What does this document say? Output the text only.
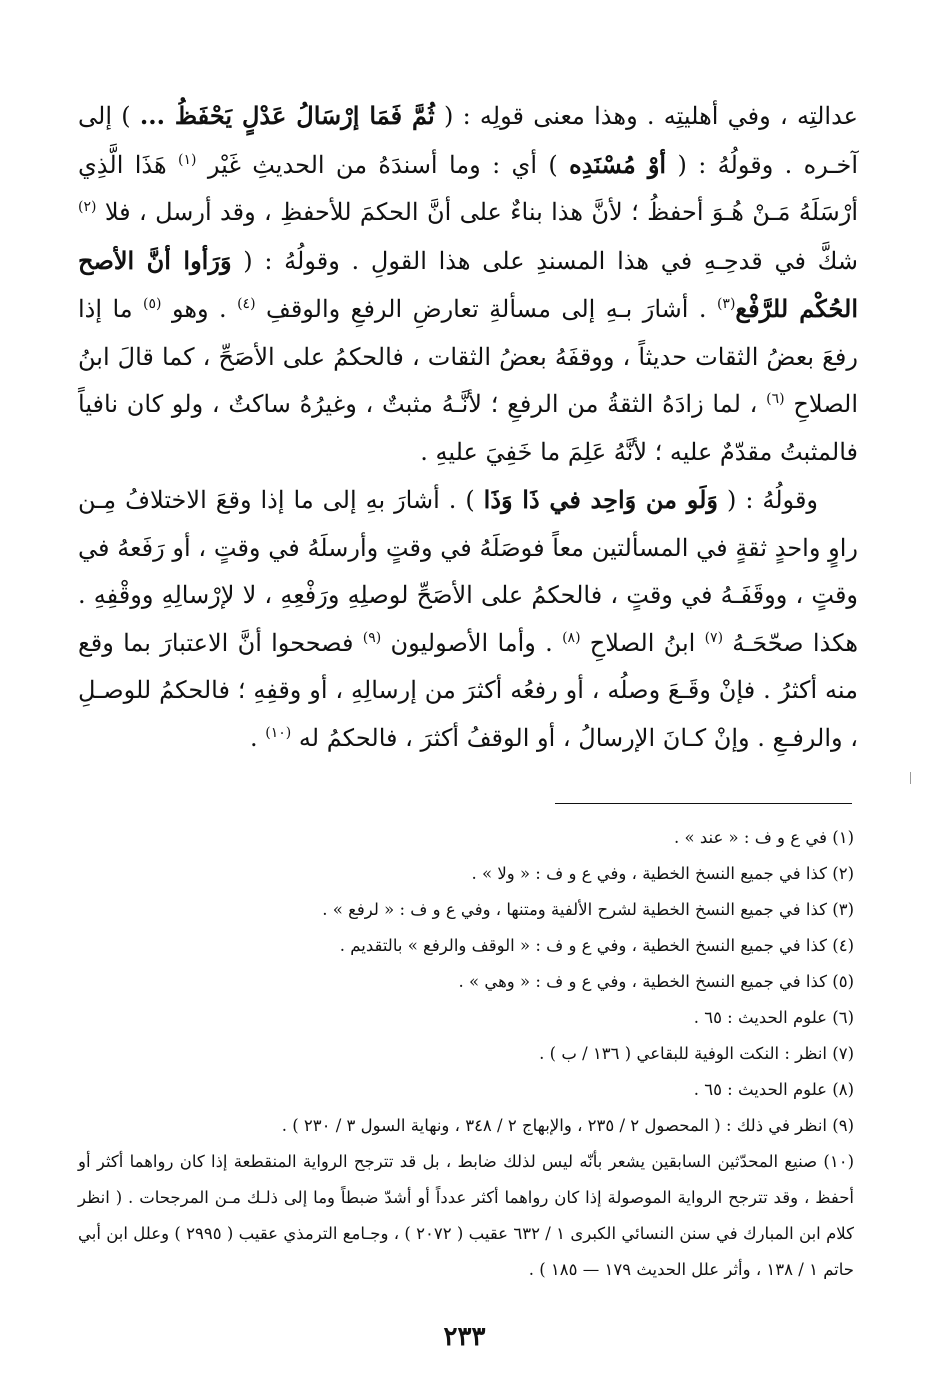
عدالتِه ، وفي أهليتِه . وهذا معنى قولِه : ( ثُمَّ فَمَا إرْسَالُ عَدْلٍ يَحْفَظُ ... ) إلى آخـره . وقولُهُ : ( أوْ مُسْنَدِه ) أي : وما أسندَهُ من الحديثِ غَيْر $^{(١)}$ هَذَا الَّذِي أرْسَلَهُ مَـنْ هُـوَ أحفظُ ؛ لأنَّ هذا بناءٌ على أنَّ الحكمَ للأحفظِ ، وقد أرسل ، فلا $^{(٢)}$ شكَّ في قدحِـهِ في هذا المسندِ على هذا القولِ . وقولُهُ : ( وَرَأوا أنَّ الأصح الحُكْم للرَّفْع$^{(٣)}$ . أشارَ بـهِ إلى مسألةِ تعارضِ الرفعِ والوقفِ $^{(٤)}$ . وهو $^{(٥)}$ ما إذا رفعَ بعضُ الثقات حديثاً ، ووقفَهُ بعضُ الثقات ، فالحكمُ على الأصَحِّ ، كما قالَ ابنُ الصلاحِ $^{(٦)}$ ، لما زادَهُ الثقةُ من الرفعِ ؛ لأنَّـهُ مثبتٌ ، وغيرُهُ ساكتٌ ، ولو كان نافياً فالمثبتُ مقدّمٌ عليه ؛ لأنَّهُ عَلِمَ ما خَفِيَ عليهِ .

وقولُهُ : ( وَلَو من وَاحِد في ذَا وَذَا ) . أشارَ بهِ إلى ما إذا وقعَ الاختلافُ مِـن راوٍ واحدٍ ثقةٍ في المسألتين معاً فوصَلَهُ في وقتٍ وأرسلَهُ في وقتٍ ، أو رَفَعهُ في وقتٍ ، ووقَفَـهُ في وقتٍ ، فالحكمُ على الأصَحِّ لوصلِهِ ورَفْعِهِ ، لا لإرْسالِهِ ووقْفِهِ . هكذا صحّحَـهُ $^{(٧)}$ ابنُ الصلاحِ $^{(٨)}$ . وأما الأصوليون $^{(٩)}$ فصححوا أنَّ الاعتبارَ بما وقع منه أكثرُ . فإنْ وقَـعَ وصلُه ، أو رفعُه أكثرَ من إرسالِهِ ، أو وقفِهِ ؛ فالحكمُ للوصـلِ ، والرفـعِ . وإنْ كـانَ الإرسالُ ، أو الوقفُ أكثرَ ، فالحكمُ له $^{(١٠)}$ .

(١) في ع و ف : « عند » .
(٢) كذا في جميع النسخ الخطية ، وفي ع و ف : « ولا » .
(٣) كذا في جميع النسخ الخطية لشرح الألفية ومتنها ، وفي ع و ف : « لرفع » .
(٤) كذا في جميع النسخ الخطية ، وفي ع و ف : « الوقف والرفع » بالتقديم .
(٥) كذا في جميع النسخ الخطية ، وفي ع و ف : « وهي » .
(٦) علوم الحديث : ٦٥ .
(٧) انظر : النكت الوفية للبقاعي ( ١٣٦ / ب ) .
(٨) علوم الحديث : ٦٥ .
(٩) انظر في ذلك : ( المحصول ٢ / ٢٣٥ ، والإبهاج ٢ / ٣٤٨ ، ونهاية السول ٣ / ٢٣٠ ) .
(١٠) صنيع المحدّثين السابقين يشعر بأنّه ليس لذلك ضابط ، بل قد تترجح الرواية المنقطعة إذا كان رواهما أكثر أو أحفظ ، وقد تترجح الرواية الموصولة إذا كان رواهما أكثر عدداً أو أشدّ ضبطاً وما إلى ذلـك مـن المرجحات . ( انظر كلام ابن المبارك في سنن النسائي الكبرى ١ / ٦٣٢ عقيب ( ٢٠٧٢ ) ، وجـامع الترمذي عقيب ( ٢٩٩٥ ) وعلل ابن أبي حاتم ١ / ١٣٨ ، وأثر علل الحديث ١٧٩ — ١٨٥ ) .
٢٣٣
